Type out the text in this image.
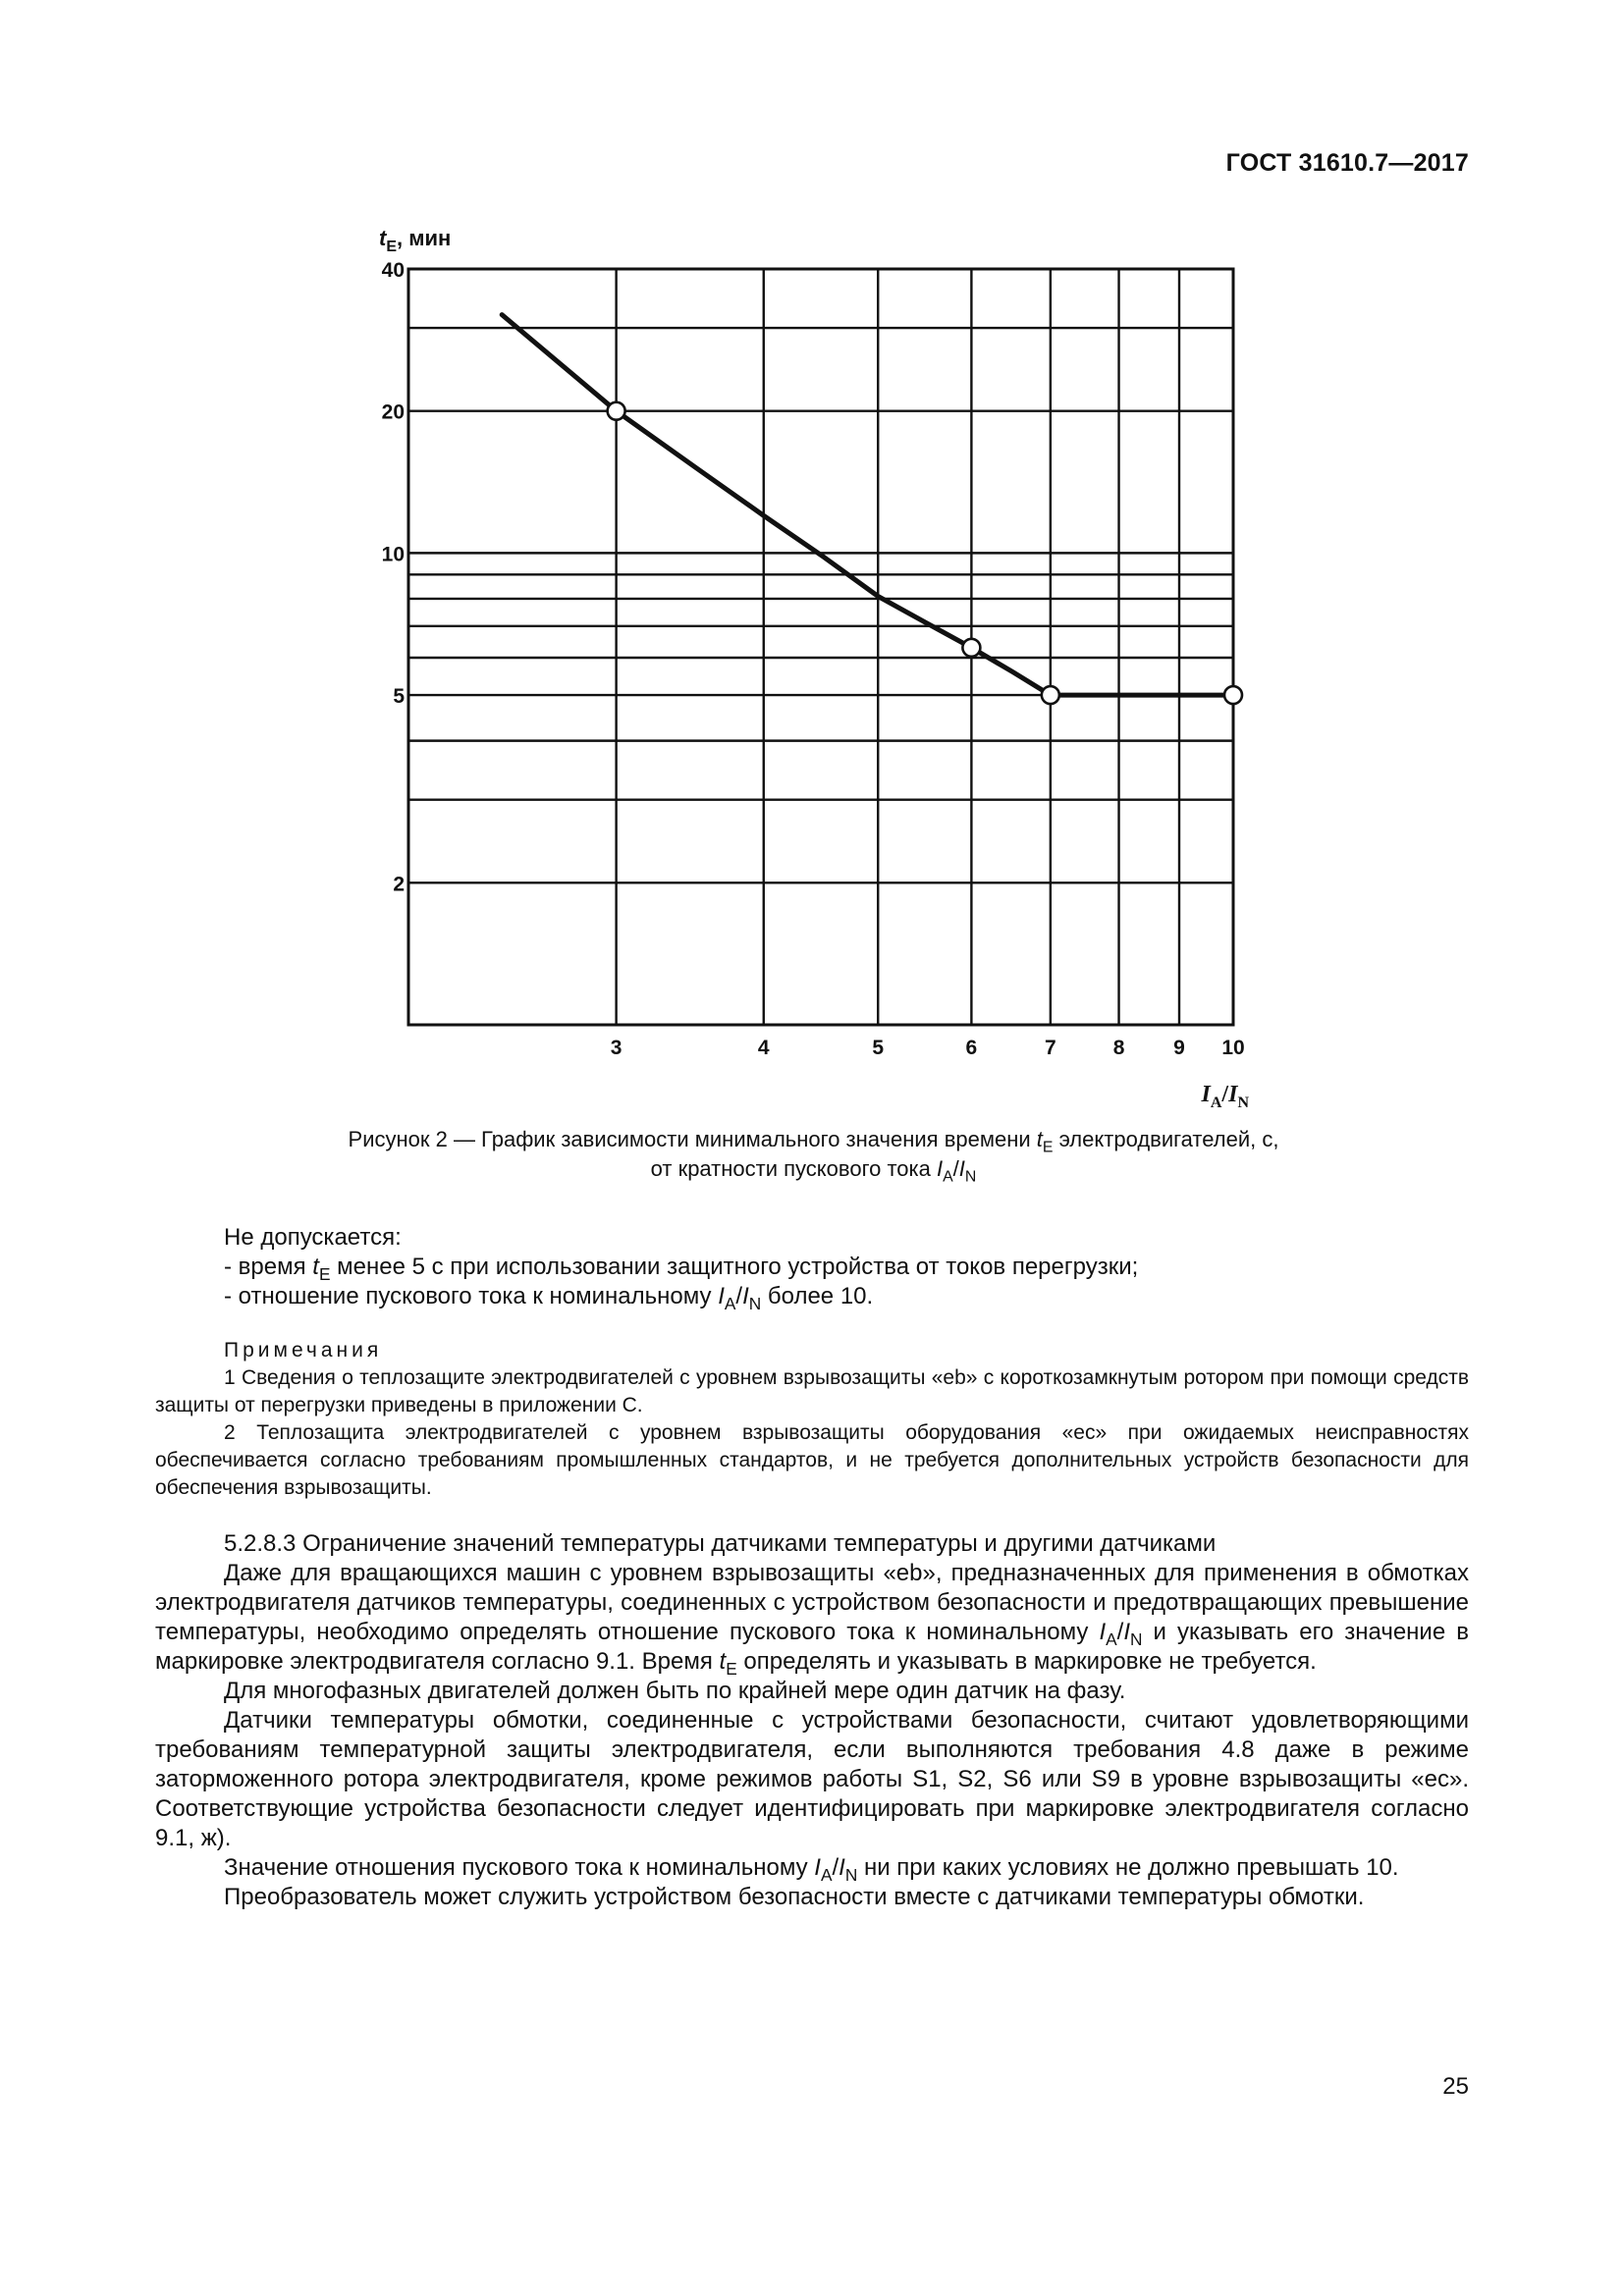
ГОСТ 31610.7—2017
3	4	5	6	7	8 9 10
40
20
10
5
2
$t_E$, мин
$I_A/I_N$
Рисунок 2 — График зависимости минимального значения времени $t_E$ электродвигателей, с,
от кратности пускового тока $I_A/I_N$

Не допускается:

- время $t_E$ менее 5 с при использовании защитного устройства от токов перегрузки;

- отношение пускового тока к номинальному $I_A/I_N$ более 10.

Примечания

1 Сведения о теплозащите электродвигателей с уровнем взрывозащиты «eb» с короткозамкнутым ротором при помощи средств защиты от перегрузки приведены в приложении С.

2 Теплозащита электродвигателей с уровнем взрывозащиты оборудования «ec» при ожидаемых неисправностях обеспечивается согласно требованиям промышленных стандартов, и не требуется дополнительных устройств безопасности для обеспечения взрывозащиты.

5.2.8.3 Ограничение значений температуры датчиками температуры и другими датчиками

Даже для вращающихся машин с уровнем взрывозащиты «eb», предназначенных для применения в обмотках электродвигателя датчиков температуры, соединенных с устройством безопасности и предотвращающих превышение температуры, необходимо определять отношение пускового тока к номинальному $I_A/I_N$ и указывать его значение в маркировке электродвигателя согласно 9.1. Время $t_E$ определять и указывать в маркировке не требуется.

Для многофазных двигателей должен быть по крайней мере один датчик на фазу.

Датчики температуры обмотки, соединенные с устройствами безопасности, считают удовлетворяющими требованиям температурной защиты электродвигателя, если выполняются требования 4.8 даже в режиме заторможенного ротора электродвигателя, кроме режимов работы S1, S2, S6 или S9 в уровне взрывозащиты «ec». Соответствующие устройства безопасности следует идентифицировать при маркировке электродвигателя согласно 9.1, ж).

Значение отношения пускового тока к номинальному $I_A/I_N$ ни при каких условиях не должно превышать 10.

Преобразователь может служить устройством безопасности вместе с датчиками температуры обмотки.

25
